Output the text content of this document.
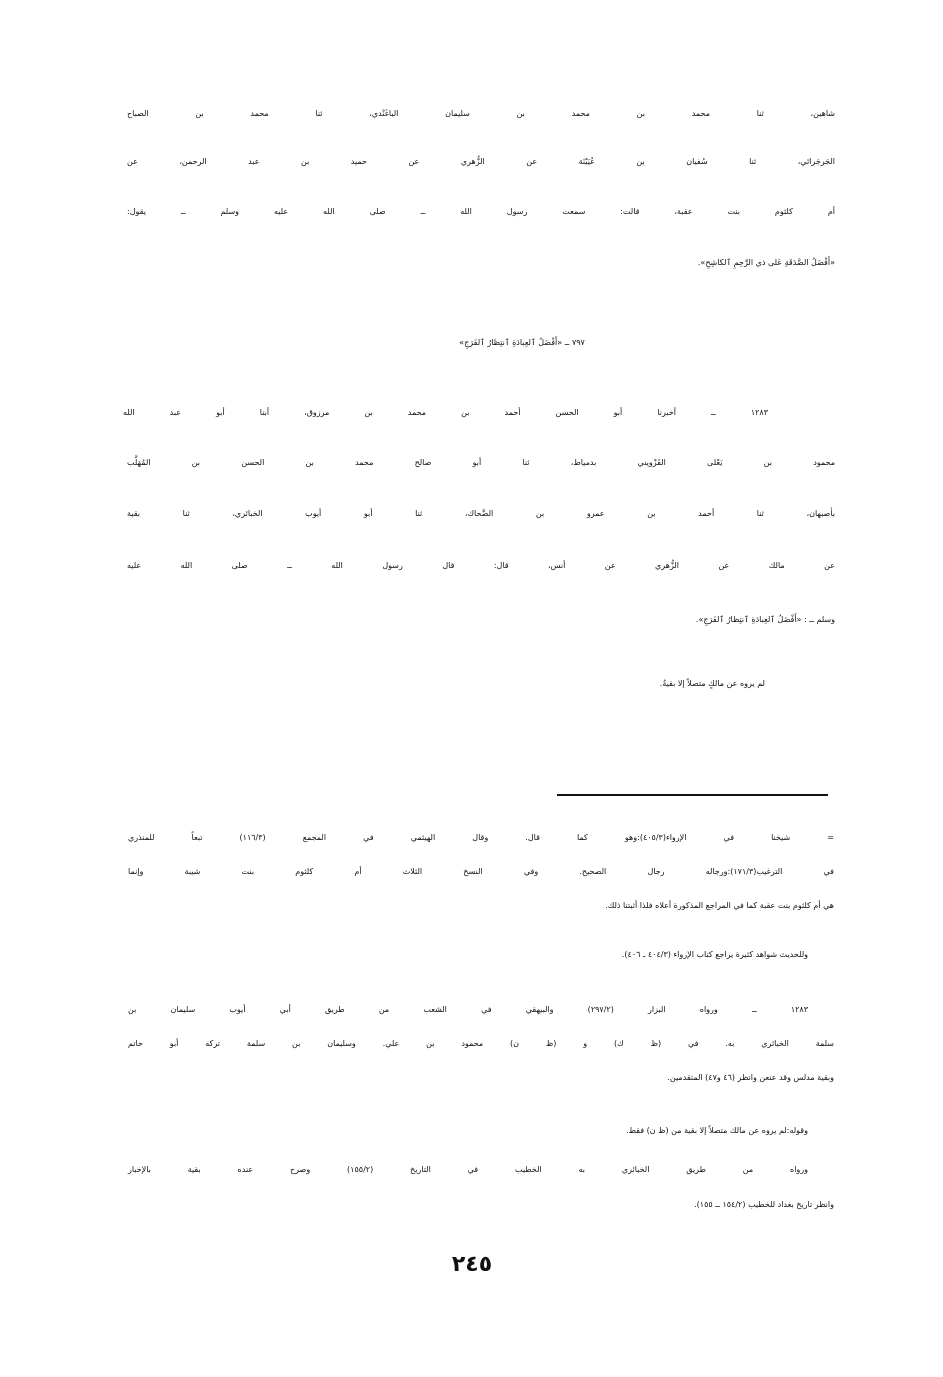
شاهين، ثنا محمد بن محمد بن سليمان الباغَنْدي، ثنا محمد بن الصباح

الجَرجَرائي، ثنا سُفيان بن عُيَيْنَة عن الزُّهري عن حميد بن عبد الرحمن، عن

أم كلثوم بنت عقبة، قالت: سمعت رسول الله ــ صلى الله عليه وسلم ــ يقول:

«أَفْضَلُ الصَّدَقَةِ عَلى ذي الرَّحِمِ ٱلكاشِحِ».

٧٩٧ ــ «أَفْضَلُ ٱلعِبادَةِ ٱنتِظارُ ٱلفَرَجِ»

١٢٨٣ ــ أخبرنا أبو الحسن أحمد بن محمد بن مرزوق، أبنا أبو عبد الله

محمود بن يَعْلى القَزْويني بدمياط، ثنا أبو صالح محمد بن الحسن بن المُهَلَّب

بأصبهان، ثنا أحمد بن عمرو بن الضَّحاك، ثنا أبو أيوب الخبائري، ثنا بقية

عن مالك عن الزُّهري عن أنس، قال: قال رسول الله ــ صلى الله عليه

وسلم ــ : «أَفْضَلُ ٱلعِبادَةِ ٱنتِظارُ ٱلفَرَجِ».

لم يروه عن مالكٍ متصلاً إلا بقيةُ.

= شيخنا في الإرواء(٤٠٥/٣):وهو كما قال. وقال الهيثمي في المجمع (١١٦/٣) تبعاً للمنذري

في الترغيب(١٧١/٣):ورجاله رجال الصحيح. وفي النسخ الثلاث أم كلثوم بنت شيبة وإنما

هي أم كلثوم بنت عقبة كما في المراجع المذكورة أعلاه فلذا أثبتنا ذلك.

وللحديث شواهد كثيرة يراجع كتاب الإرواء (٤٠٤/٣ ـ ٤٠٦).

١٢٨٣ ــ ورواه البزار (٢٩٧/٢) والبيهقي في الشعب من طريق أبي أيوب سليمان بن

سلمة الخبائري به. في (ظ ك) و (ظ ن) محمود بن علي. وسليمان بن سلمة تركه أبو حاتم

وبقية مدلس وقد عنعن وانظر (٤٦ و٤٧) المتقدمين.

وقوله:لم يروه عن مالك متصلاً إلا بقية من (ظ ن) فقط.

ورواه من طريق الخبائري به الخطيب في التاريخ (١٥٥/٢) وصرح عنده بقية بالإخبار

وانظر تاريخ بغداد للخطيب (١٥٤/٢ ــ ١٥٥).

٢٤٥
